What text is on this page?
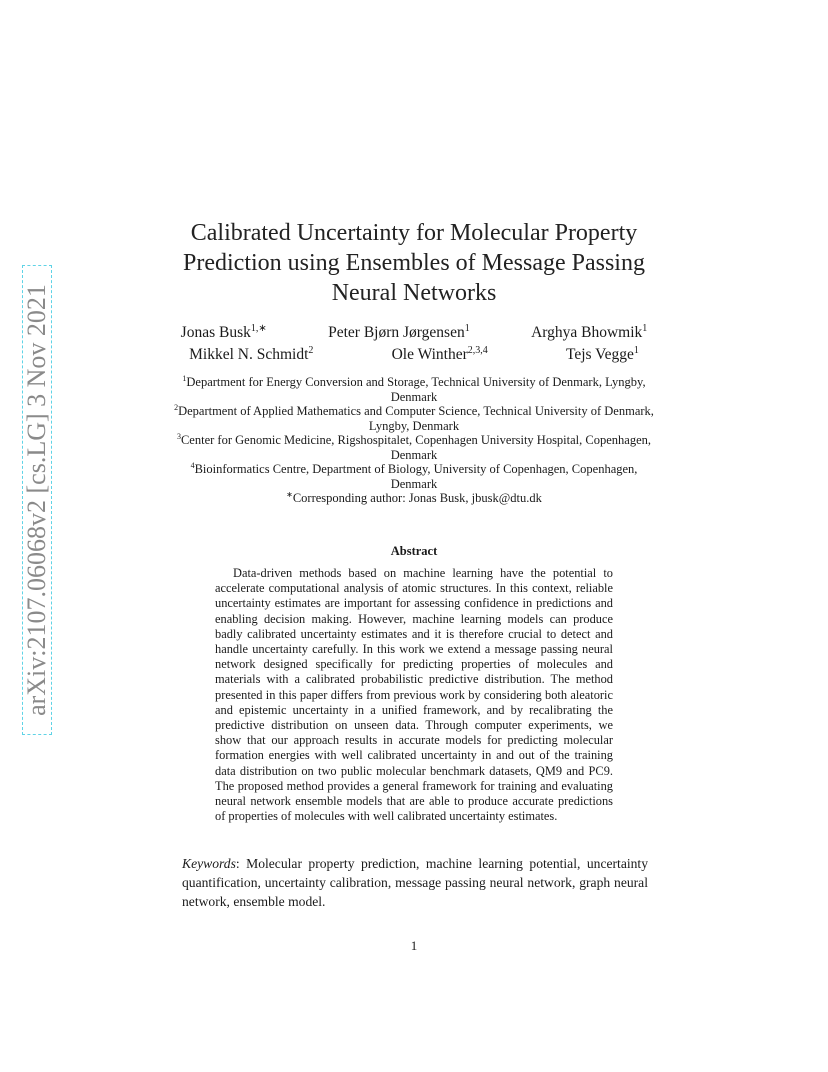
arXiv:2107.06068v2 [cs.LG] 3 Nov 2021
Calibrated Uncertainty for Molecular Property
Prediction using Ensembles of Message Passing
Neural Networks
Jonas Busk$^{1,∗}$	Peter Bjørn Jørgensen$^1$	Arghya Bhowmik$^1$
Mikkel N. Schmidt$^2$	Ole Winther$^{2,3,4}$	Tejs Vegge$^1$

$^1$Department for Energy Conversion and Storage, Technical University of Denmark, Lyngby, Denmark

$^2$Department of Applied Mathematics and Computer Science, Technical University of Denmark, Lyngby, Denmark

$^3$Center for Genomic Medicine, Rigshospitalet, Copenhagen University Hospital, Copenhagen, Denmark

$^4$Bioinformatics Centre, Department of Biology, University of Copenhagen, Copenhagen, Denmark

∗Corresponding author: Jonas Busk, jbusk@dtu.dk

Abstract
Data-driven methods based on machine learning have the potential to accelerate computational analysis of atomic structures. In this context, reliable uncertainty estimates are important for assessing confidence in predictions and enabling decision making. However, machine learning models can produce badly calibrated uncertainty estimates and it is therefore crucial to detect and handle uncertainty carefully. In this work we extend a message passing neural network designed specifically for predicting properties of molecules and materials with a calibrated probabilistic predictive distribution. The method presented in this paper differs from previous work by considering both aleatoric and epistemic uncertainty in a unified framework, and by recalibrating the predictive distribution on unseen data. Through computer experiments, we show that our approach results in accurate models for predicting molecular formation energies with well calibrated uncertainty in and out of the training data distribution on two public molecular benchmark datasets, QM9 and PC9. The proposed method provides a general framework for training and evaluating neural network ensemble models that are able to produce accurate predictions of properties of molecules with well calibrated uncertainty estimates.
Keywords: Molecular property prediction, machine learning potential, uncertainty quantification, uncertainty calibration, message passing neural network, graph neural network, ensemble model.
1
